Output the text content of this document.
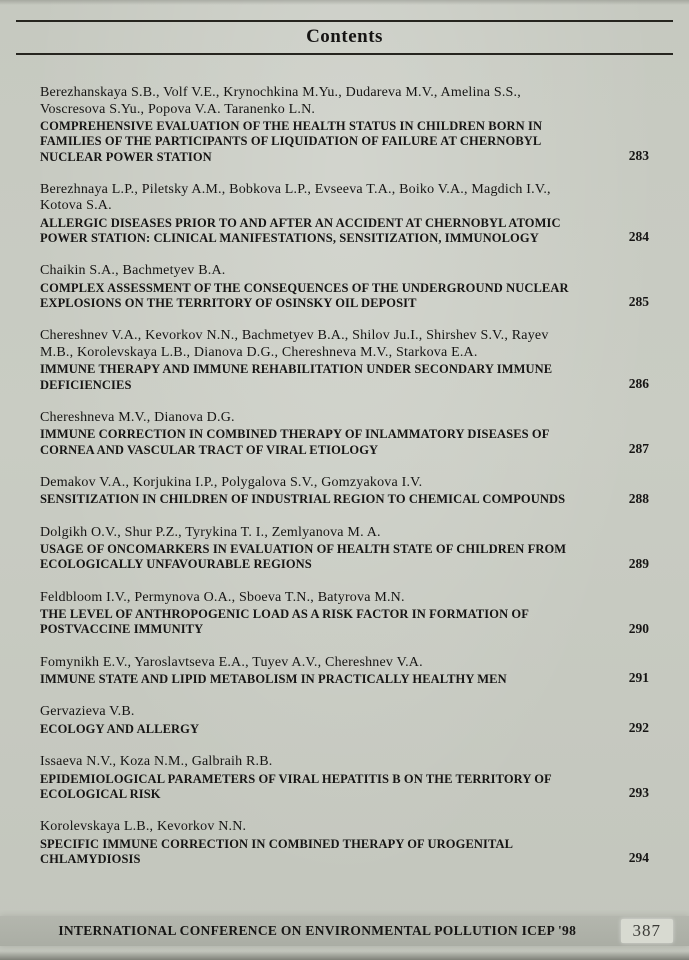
Contents
Berezhanskaya S.B., Volf V.E., Krynochkina M.Yu., Dudareva M.V., Amelina S.S., Voscresova S.Yu., Popova V.A. Taranenko L.N.
COMPREHENSIVE EVALUATION OF THE HEALTH STATUS IN CHILDREN BORN IN FAMILIES OF THE PARTICIPANTS OF LIQUIDATION OF FAILURE AT CHERNOBYL NUCLEAR POWER STATION	283
Berezhnaya L.P., Piletsky A.M., Bobkova L.P., Evseeva T.A., Boiko V.A., Magdich I.V., Kotova S.A.
ALLERGIC DISEASES PRIOR TO AND AFTER AN ACCIDENT AT CHERNOBYL ATOMIC POWER STATION: CLINICAL MANIFESTATIONS, SENSITIZATION, IMMUNOLOGY	284
Chaikin S.A., Bachmetyev B.A.
COMPLEX ASSESSMENT OF THE CONSEQUENCES OF THE UNDERGROUND NUCLEAR EXPLOSIONS ON THE TERRITORY OF OSINSKY OIL DEPOSIT	285
Chereshnev V.A., Kevorkov N.N., Bachmetyev B.A., Shilov Ju.I., Shirshev S.V., Rayev M.B., Korolevskaya L.B., Dianova D.G., Chereshneva M.V., Starkova E.A.
IMMUNE THERAPY AND IMMUNE REHABILITATION UNDER SECONDARY IMMUNE DEFICIENCIES	286
Chereshneva M.V., Dianova D.G.
IMMUNE CORRECTION IN COMBINED THERAPY OF INLAMMATORY DISEASES OF CORNEA AND VASCULAR TRACT OF VIRAL ETIOLOGY	287
Demakov V.A., Korjukina I.P., Polygalova S.V., Gomzyakova I.V.
SENSITIZATION IN CHILDREN OF INDUSTRIAL REGION TO CHEMICAL COMPOUNDS	288
Dolgikh O.V., Shur P.Z., Tyrykina T. I., Zemlyanova M. A.
USAGE OF ONCOMARKERS IN EVALUATION OF HEALTH STATE OF CHILDREN FROM ECOLOGICALLY UNFAVOURABLE REGIONS	289
Feldbloom I.V., Permynova O.A., Sboeva T.N., Batyrova M.N.
THE LEVEL OF ANTHROPOGENIC LOAD AS A RISK FACTOR IN FORMATION OF POSTVACCINE IMMUNITY	290
Fomynikh E.V., Yaroslavtseva E.A., Tuyev A.V., Chereshnev V.A.
IMMUNE STATE AND LIPID METABOLISM IN PRACTICALLY HEALTHY MEN	291
Gervazieva V.B.
ECOLOGY AND ALLERGY	292
Issaeva N.V., Koza N.M., Galbraih R.B.
EPIDEMIOLOGICAL PARAMETERS OF VIRAL HEPATITIS B ON THE TERRITORY OF ECOLOGICAL RISK	293
Korolevskaya L.B., Kevorkov N.N.
SPECIFIC IMMUNE CORRECTION IN COMBINED THERAPY OF UROGENITAL CHLAMYDIOSIS	294
INTERNATIONAL CONFERENCE ON ENVIRONMENTAL POLLUTION ICEP '98	387
